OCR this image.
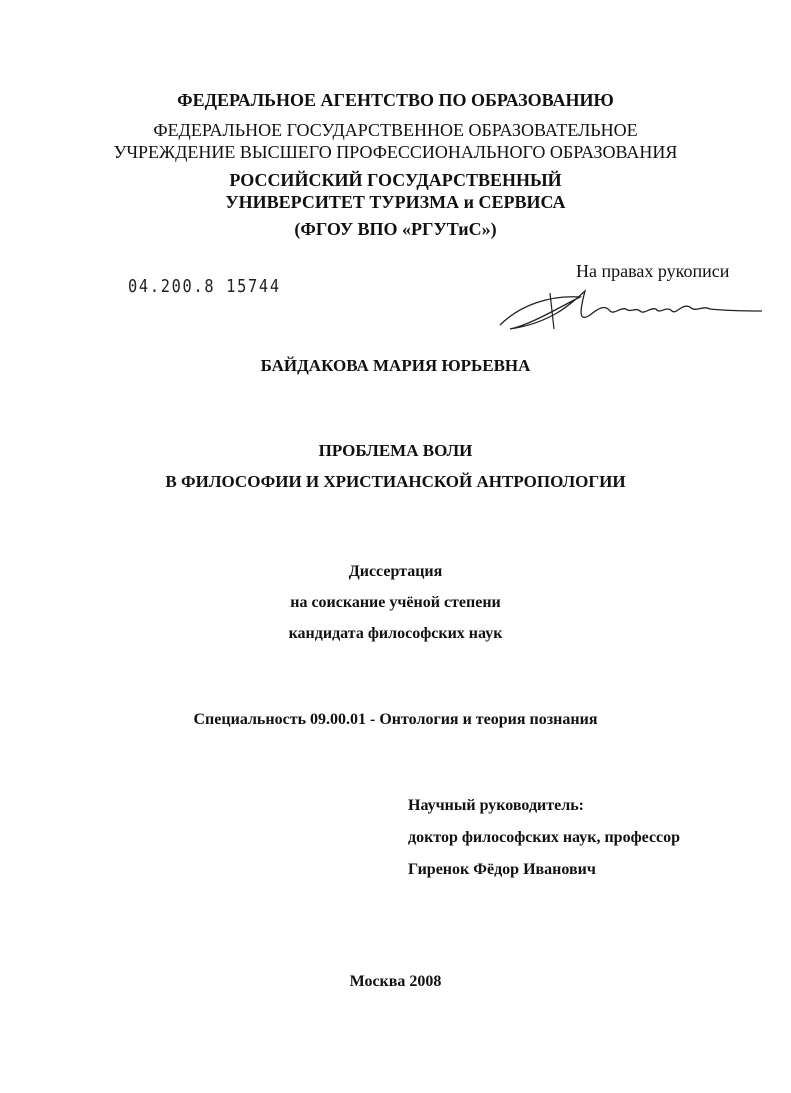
ФЕДЕРАЛЬНОЕ АГЕНТСТВО ПО ОБРАЗОВАНИЮ
ФЕДЕРАЛЬНОЕ ГОСУДАРСТВЕННОЕ ОБРАЗОВАТЕЛЬНОЕ
УЧРЕЖДЕНИЕ ВЫСШЕГО ПРОФЕССИОНАЛЬНОГО ОБРАЗОВАНИЯ
РОССИЙСКИЙ ГОСУДАРСТВЕННЫЙ
УНИВЕРСИТЕТ ТУРИЗМА и СЕРВИСА
(ФГОУ ВПО «РГУТиС»)
04.200.8 15744
На правах рукописи
БАЙДАКОВА МАРИЯ ЮРЬЕВНА
ПРОБЛЕМА ВОЛИ
В ФИЛОСОФИИ И ХРИСТИАНСКОЙ АНТРОПОЛОГИИ
Диссертация
на соискание учёной степени
кандидата философских наук
Специальность 09.00.01 - Онтология и теория познания
Научный руководитель:
доктор философских наук, профессор
Гиренок Фёдор Иванович
Москва 2008
